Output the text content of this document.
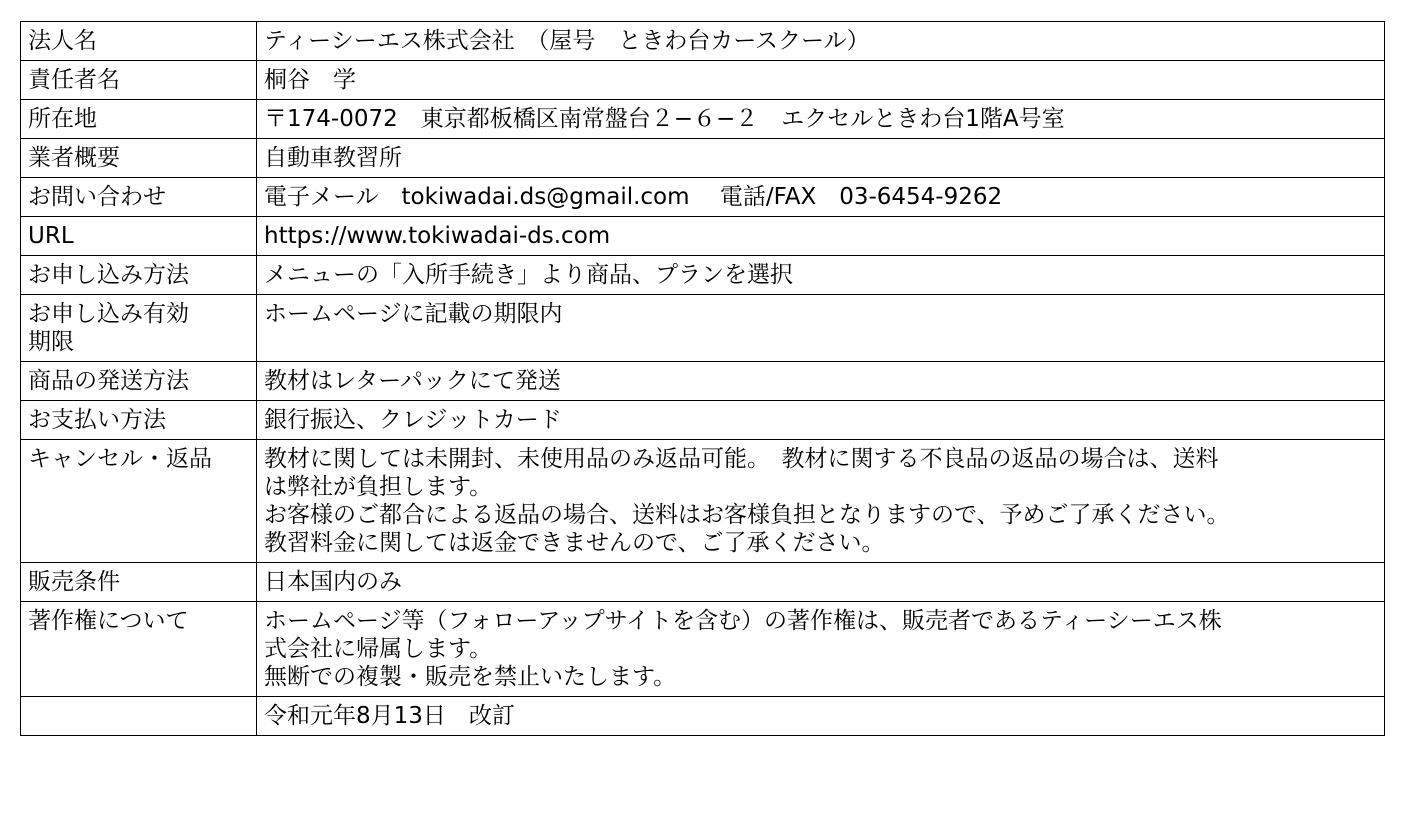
法人名	ティーシーエス株式会社　（屋号　ときわ台カースクール）

責任者名	桐谷　学

所在地	〒174-0072　東京都板橋区南常盤台２−６−２　エクセルときわ台1階A号室

業者概要	自動車教習所

お問い合わせ	電子メール　tokiwadai.ds@gmail.com　 電話/FAX　03-6454-9262

URL	https://www.tokiwadai-ds.com

お申し込み方法	メニューの「入所手続き」より商品、プランを選択

お申し込み有効
期限	ホームページに記載の期限内

商品の発送方法	教材はレターパックにて発送

お支払い方法	銀行振込、クレジットカード

キャンセル・返品	教材に関しては未開封、未使用品のみ返品可能。　教材に関する不良品の返品の場合は、送料
は弊社が負担します。
お客様のご都合による返品の場合、送料はお客様負担となりますので、予めご了承ください。
教習料金に関しては返金できませんので、ご了承ください。

販売条件	日本国内のみ

著作権について	ホームページ等（フォローアップサイトを含む）の著作権は、販売者であるティーシーエス株
式会社に帰属します。
無断での複製・販売を禁止いたします。

	令和元年8月13日　改訂
